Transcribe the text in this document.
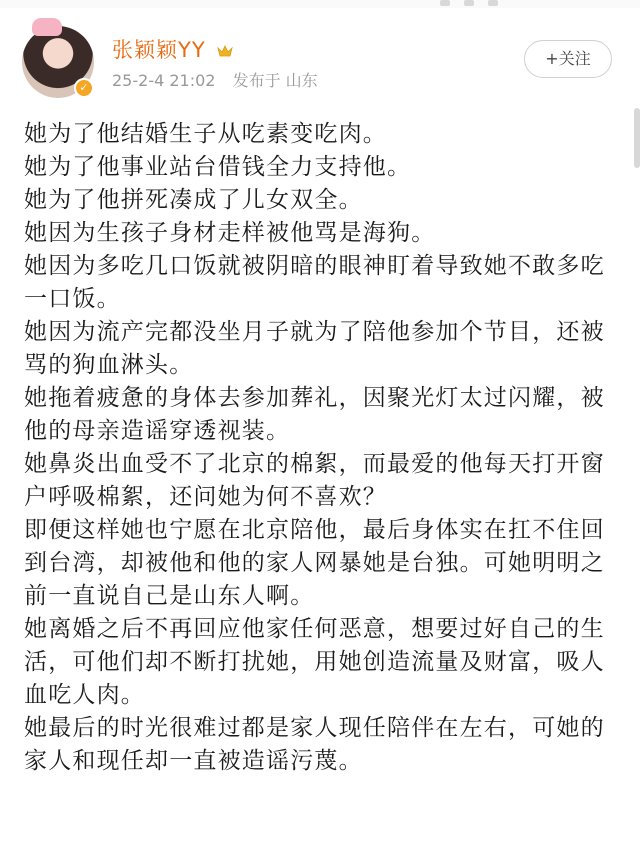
✓
张颖颖YY
25-2-4 21:02 发布于 山东
+关注

她为了他结婚生子从吃素变吃肉。

她为了他事业站台借钱全力支持他。

她为了他拼死凑成了儿女双全。

她因为生孩子身材走样被他骂是海狗。

她因为多吃几口饭就被阴暗的眼神盯着导致她不敢多吃一口饭。

她因为流产完都没坐月子就为了陪他参加个节目，还被骂的狗血淋头。

她拖着疲惫的身体去参加葬礼，因聚光灯太过闪耀，被他的母亲造谣穿透视装。

她鼻炎出血受不了北京的棉絮，而最爱的他每天打开窗户呼吸棉絮，还问她为何不喜欢？

即便这样她也宁愿在北京陪他，最后身体实在扛不住回到台湾，却被他和他的家人网暴她是台独。可她明明之前一直说自己是山东人啊。

她离婚之后不再回应他家任何恶意，想要过好自己的生活，可他们却不断打扰她，用她创造流量及财富，吸人血吃人肉。

她最后的时光很难过都是家人现任陪伴在左右，可她的家人和现任却一直被造谣污蔑。
